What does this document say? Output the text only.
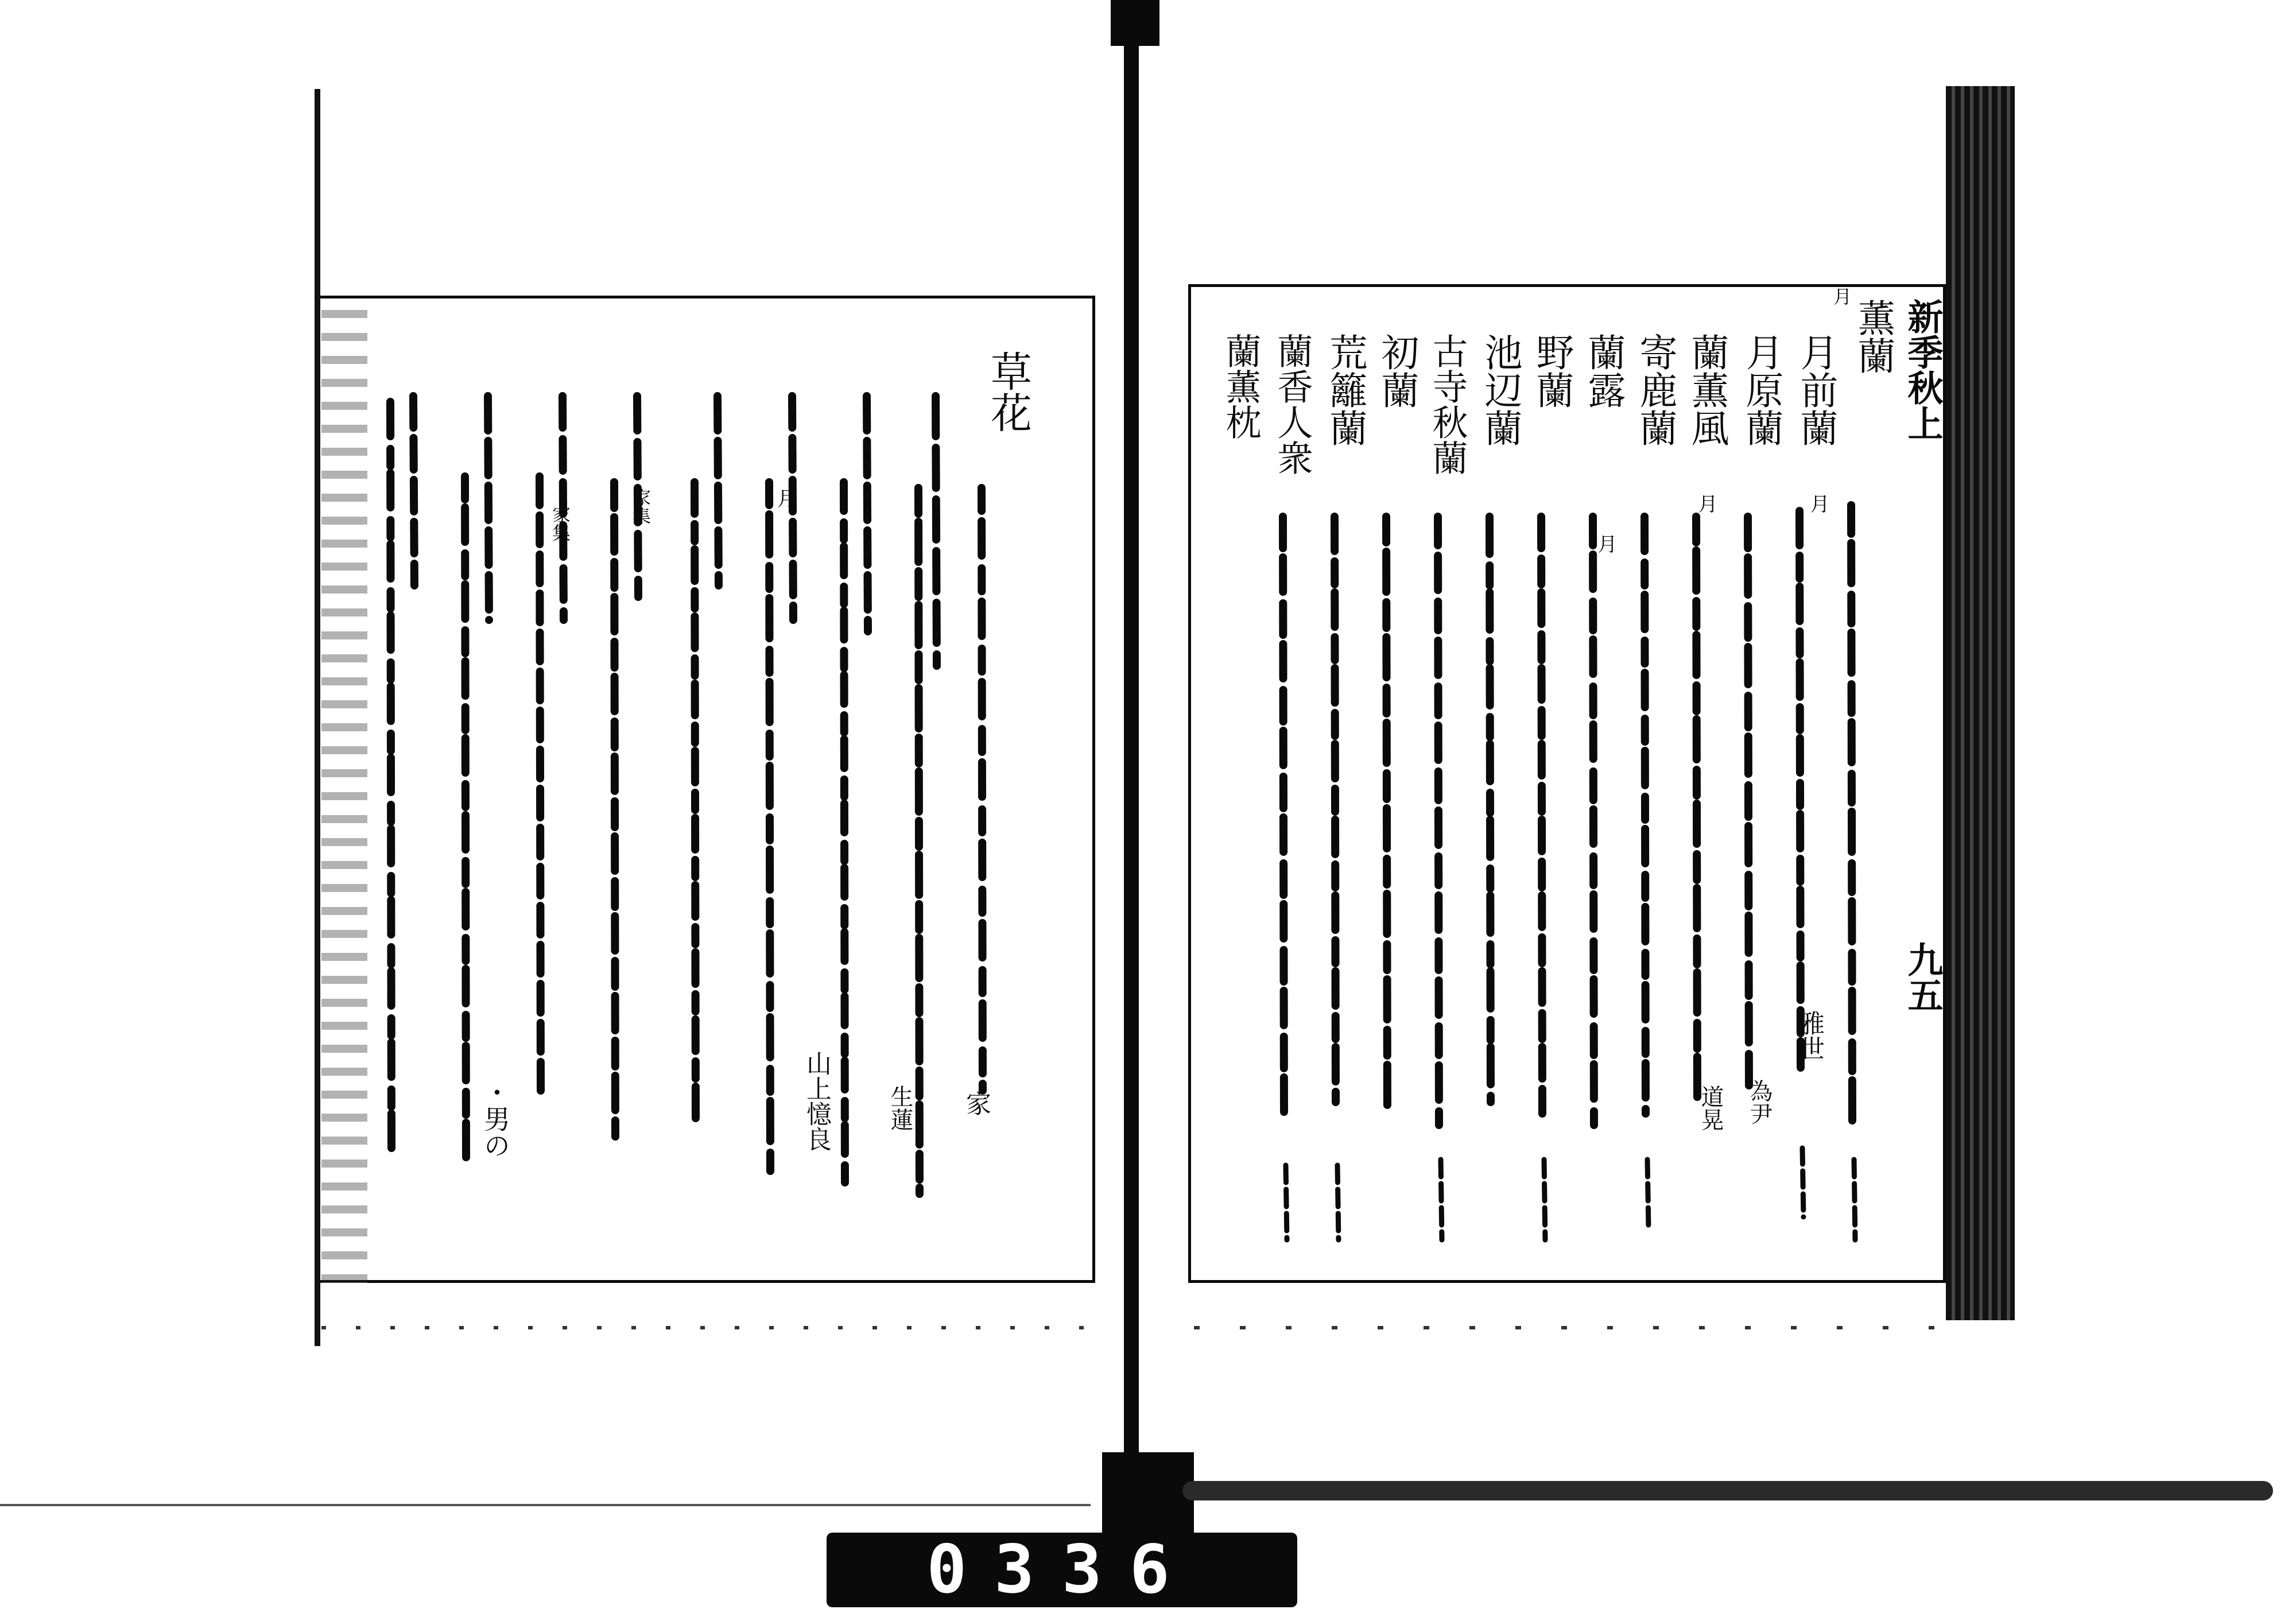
0336
草花
家
生蓮
山上憶良
月
家集
家集
・男の
新季秋上
九五
薫蘭
月前蘭
月原蘭
蘭薫風
寄鹿蘭
蘭露
野蘭
池辺蘭
古寺秋蘭
初蘭
荒籬蘭
蘭香人衆
蘭薫枕
月
月
月
月
雅世
為尹
道晃
